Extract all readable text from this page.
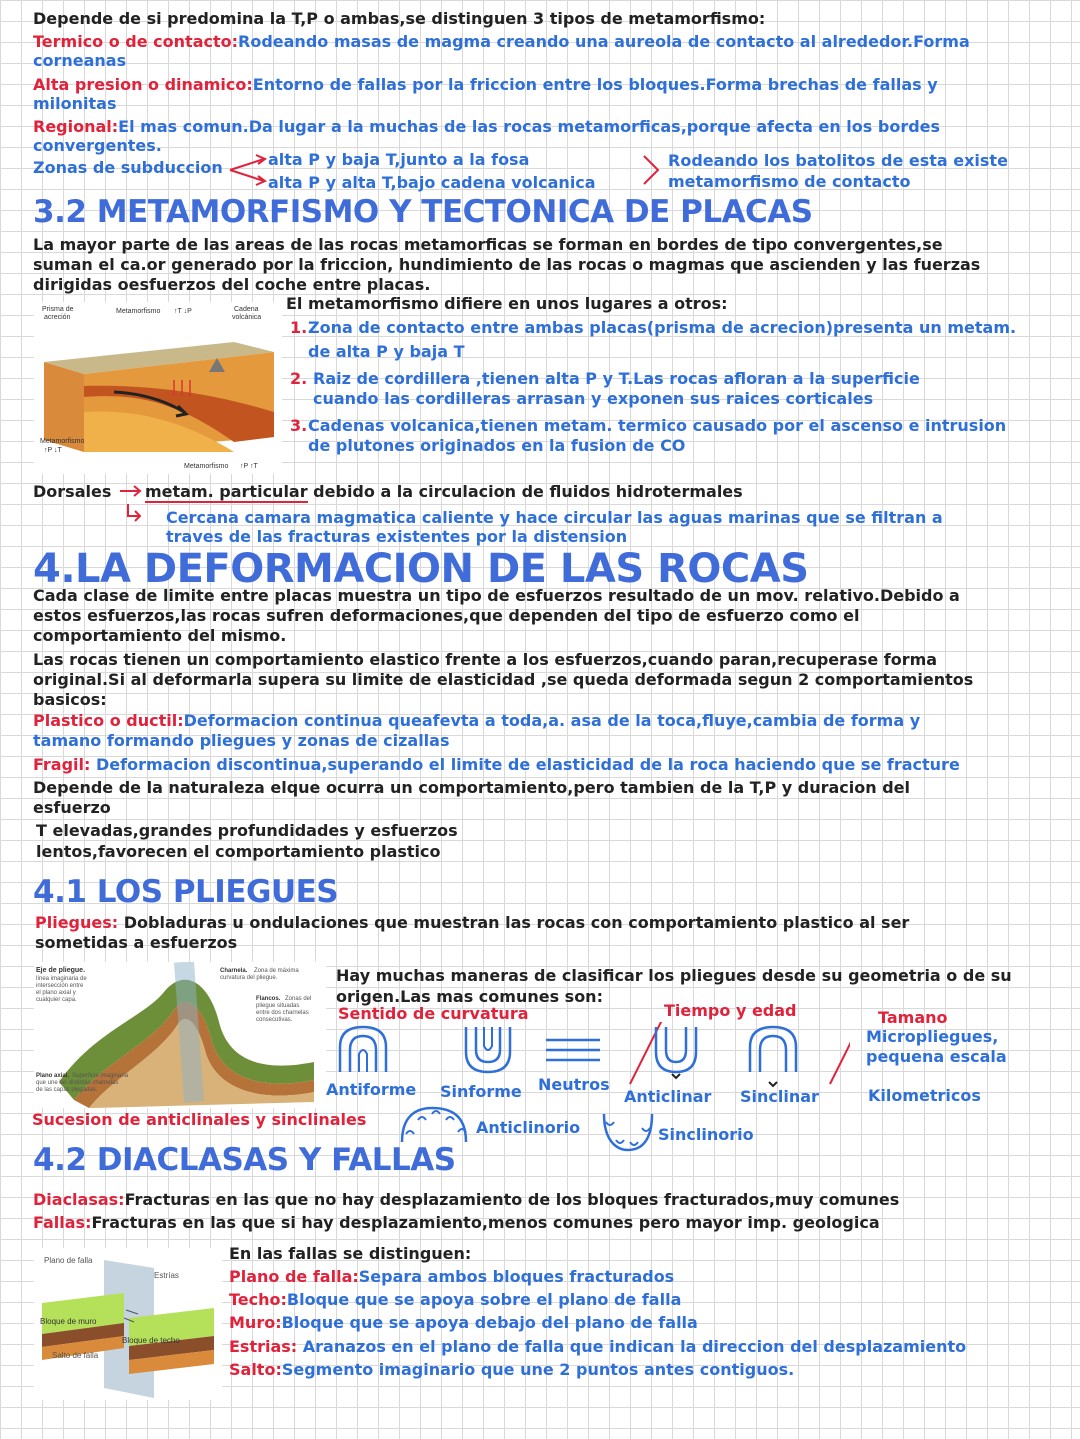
Depende de si predomina la T,P o ambas,se distinguen 3 tipos de metamorfismo:
Termico o de contacto:Rodeando masas de magma creando una aureola de contacto al alrededor.Forma
corneanas
Alta presion o dinamico:Entorno de fallas por la friccion entre los bloques.Forma brechas de fallas y
milonitas
Regional:El mas comun.Da lugar a la muchas de las rocas metamorficas,porque afecta en los bordes
convergentes.
Zonas de subduccion	alta P y baja T,junto a la fosa
alta P y alta T,bajo cadena volcanica
Rodeando los batolitos de esta existe
metamorfismo de contacto
3.2 METAMORFISMO Y TECTONICA DE PLACAS
La mayor parte de las areas de las rocas metamorficas se forman en bordes de tipo convergentes,se
suman el ca.or generado por la friccion, hundimiento de las rocas o magmas que ascienden y las fuerzas
dirigidas oesfuerzos del coche entre placas.
Prisma de
acreción
Metamorfismo ↑T ↓P	Cadena
volcánica
Metamorfismo
↑P ↓T
Metamorfismo ↑P ↑T
El metamorfismo difiere en unos lugares a otros:
1. Zona de contacto entre ambas placas(prisma de acrecion)presenta un metam.
de alta P y baja T
2. Raiz de cordillera ,tienen alta P y T.Las rocas afloran a la superficie
cuando las cordilleras arrasan y exponen sus raices corticales
3. Cadenas volcanica,tienen metam. termico causado por el ascenso e intrusion
de plutones originados en la fusion de CO
Dorsales metam. particular debido a la circulacion de fluidos hidrotermales
Cercana camara magmatica caliente y hace circular las aguas marinas que se filtran a
traves de las fracturas existentes por la distension
4.LA DEFORMACION DE LAS ROCAS
Cada clase de limite entre placas muestra un tipo de esfuerzos resultado de un mov. relativo.Debido a
estos esfuerzos,las rocas sufren deformaciones,que dependen del tipo de esfuerzo como el
comportamiento del mismo.
Las rocas tienen un comportamiento elastico frente a los esfuerzos,cuando paran,recuperase forma
original.Si al deformarla supera su limite de elasticidad ,se queda deformada segun 2 comportamientos
basicos:
Plastico o ductil:Deformacion continua queafevta a toda,a. asa de la toca,fluye,cambia de forma y
tamano formando pliegues y zonas de cizallas
Fragil: Deformacion discontinua,superando el limite de elasticidad de la roca haciendo que se fracture
Depende de la naturaleza elque ocurra un comportamiento,pero tambien de la T,P y duracion del
esfuerzo
T elevadas,grandes profundidades y esfuerzos
lentos,favorecen el comportamiento plastico
4.1 LOS PLIEGUES
Pliegues: Dobladuras u ondulaciones que muestran las rocas con comportamiento plastico al ser
sometidas a esfuerzos
Eje de pliegue.
línea imaginaria de
intersección entre
el plano axial y
cualquier capa.
Charnela. Zona de máxima
curvatura del pliegue.
Flancos. Zonas del
pliegue situadas
entre dos charnelas
consecutivas.
Plano axial. Superficie imaginaria
que une las distintas charnelas
de las capas plegadas.
Hay muchas maneras de clasificar los pliegues desde su geometria o de su
origen.Las mas comunes son:
Sentido de curvatura	Tiempo y edad	Tamano
Micropliegues,
pequena escala
Antiforme Sinforme Neutros
Anticlinar Sinclinar	Kilometricos
Sucesion de anticlinales y sinclinales	Anticlinorio	Sinclinorio
4.2 DIACLASAS Y FALLAS
Diaclasas:Fracturas en las que no hay desplazamiento de los bloques fracturados,muy comunes
Fallas:Fracturas en las que si hay desplazamiento,menos comunes pero mayor imp. geologica
Plano de falla
Estrías
Bloque de muro
Bloque de techo
Salto de falla
En las fallas se distinguen:
Plano de falla:Separa ambos bloques fracturados
Techo:Bloque que se apoya sobre el plano de falla
Muro:Bloque que se apoya debajo del plano de falla
Estrias: Aranazos en el plano de falla que indican la direccion del desplazamiento
Salto:Segmento imaginario que une 2 puntos antes contiguos.
